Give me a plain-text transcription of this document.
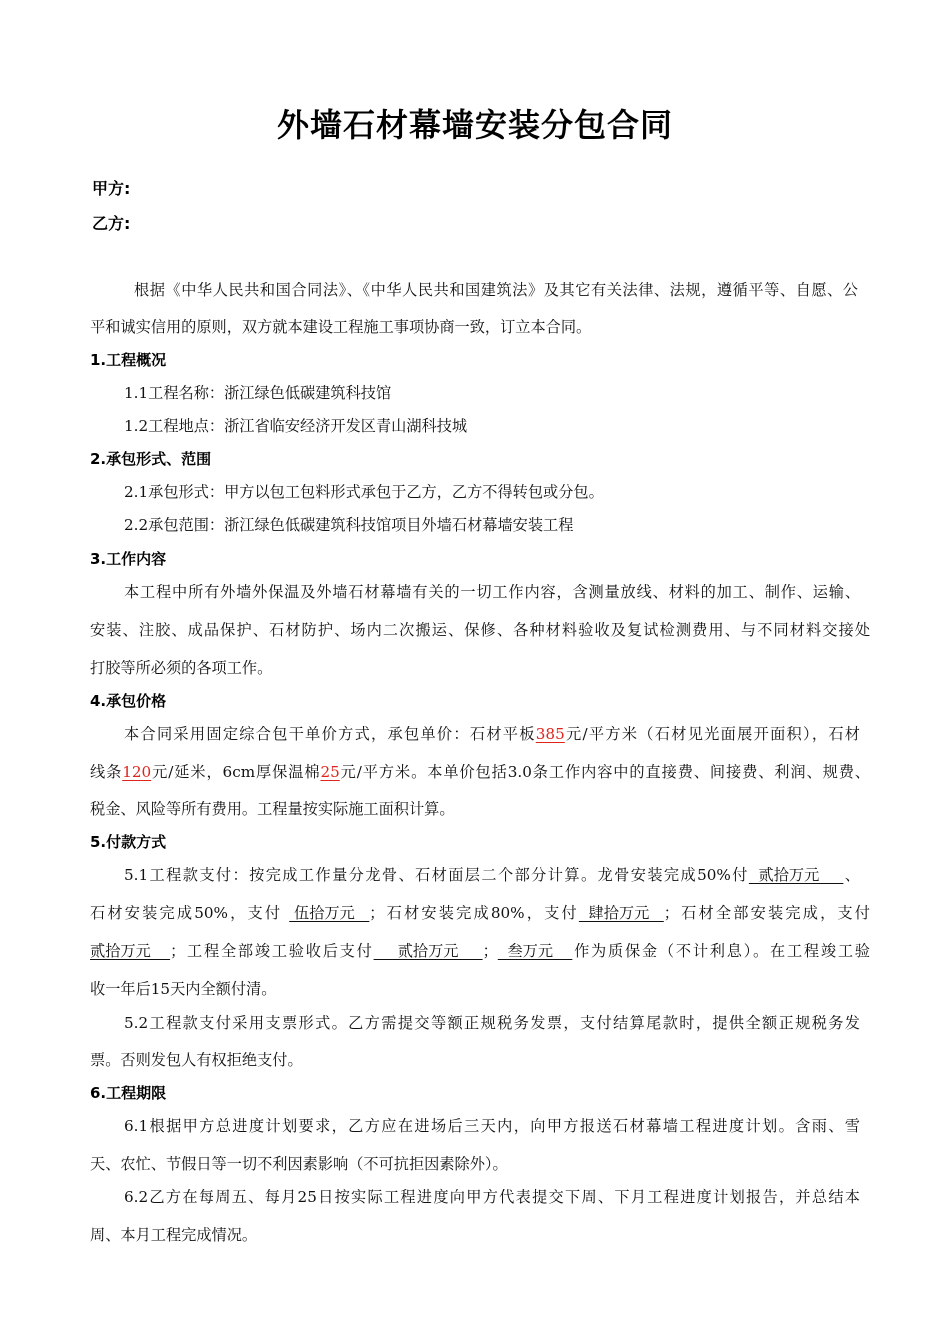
外墙石材幕墙安装分包合同
甲方:
乙方:
根据《中华人民共和国合同法》、《中华人民共和国建筑法》及其它有关法律、法规，遵循平等、自愿、公
平和诚实信用的原则，双方就本建设工程施工事项协商一致，订立本合同。
1.工程概况
1.1工程名称：浙江绿色低碳建筑科技馆
1.2工程地点：浙江省临安经济开发区青山湖科技城
2.承包形式、范围
2.1承包形式：甲方以包工包料形式承包于乙方，乙方不得转包或分包。
2.2承包范围：浙江绿色低碳建筑科技馆项目外墙石材幕墙安装工程
3.工作内容
本工程中所有外墙外保温及外墙石材幕墙有关的一切工作内容，含测量放线、材料的加工、制作、运输、
安装、注胶、成品保护、石材防护、场内二次搬运、保修、各种材料验收及复试检测费用、与不同材料交接处
打胶等所必须的各项工作。
4.承包价格
本合同采用固定综合包干单价方式，承包单价：石材平板385元/平方米（石材见光面展开面积），石材
线条120元/延米，6cm厚保温棉25元/平方米。本单价包括3.0条工作内容中的直接费、间接费、利润、规费、
税金、风险等所有费用。工程量按实际施工面积计算。
5.付款方式
5.1工程款支付：按完成工作量分龙骨、石材面层二个部分计算。龙骨安装完成50%付  贰拾万元     、
石材安装完成50%，支付  伍拾万元   ；石材安装完成80%，支付  肆拾万元   ；石材全部安装完成，支付
贰拾万元    ；工程全部竣工验收后支付     贰拾万元     ；  叁万元    作为质保金（不计利息）。在工程竣工验
收一年后15天内全额付清。
5.2工程款支付采用支票形式。乙方需提交等额正规税务发票，支付结算尾款时，提供全额正规税务发
票。否则发包人有权拒绝支付。
6.工程期限
6.1根据甲方总进度计划要求，乙方应在进场后三天内，向甲方报送石材幕墙工程进度计划。含雨、雪
天、农忙、节假日等一切不利因素影响（不可抗拒因素除外）。
6.2乙方在每周五、每月25日按实际工程进度向甲方代表提交下周、下月工程进度计划报告，并总结本
周、本月工程完成情况。
